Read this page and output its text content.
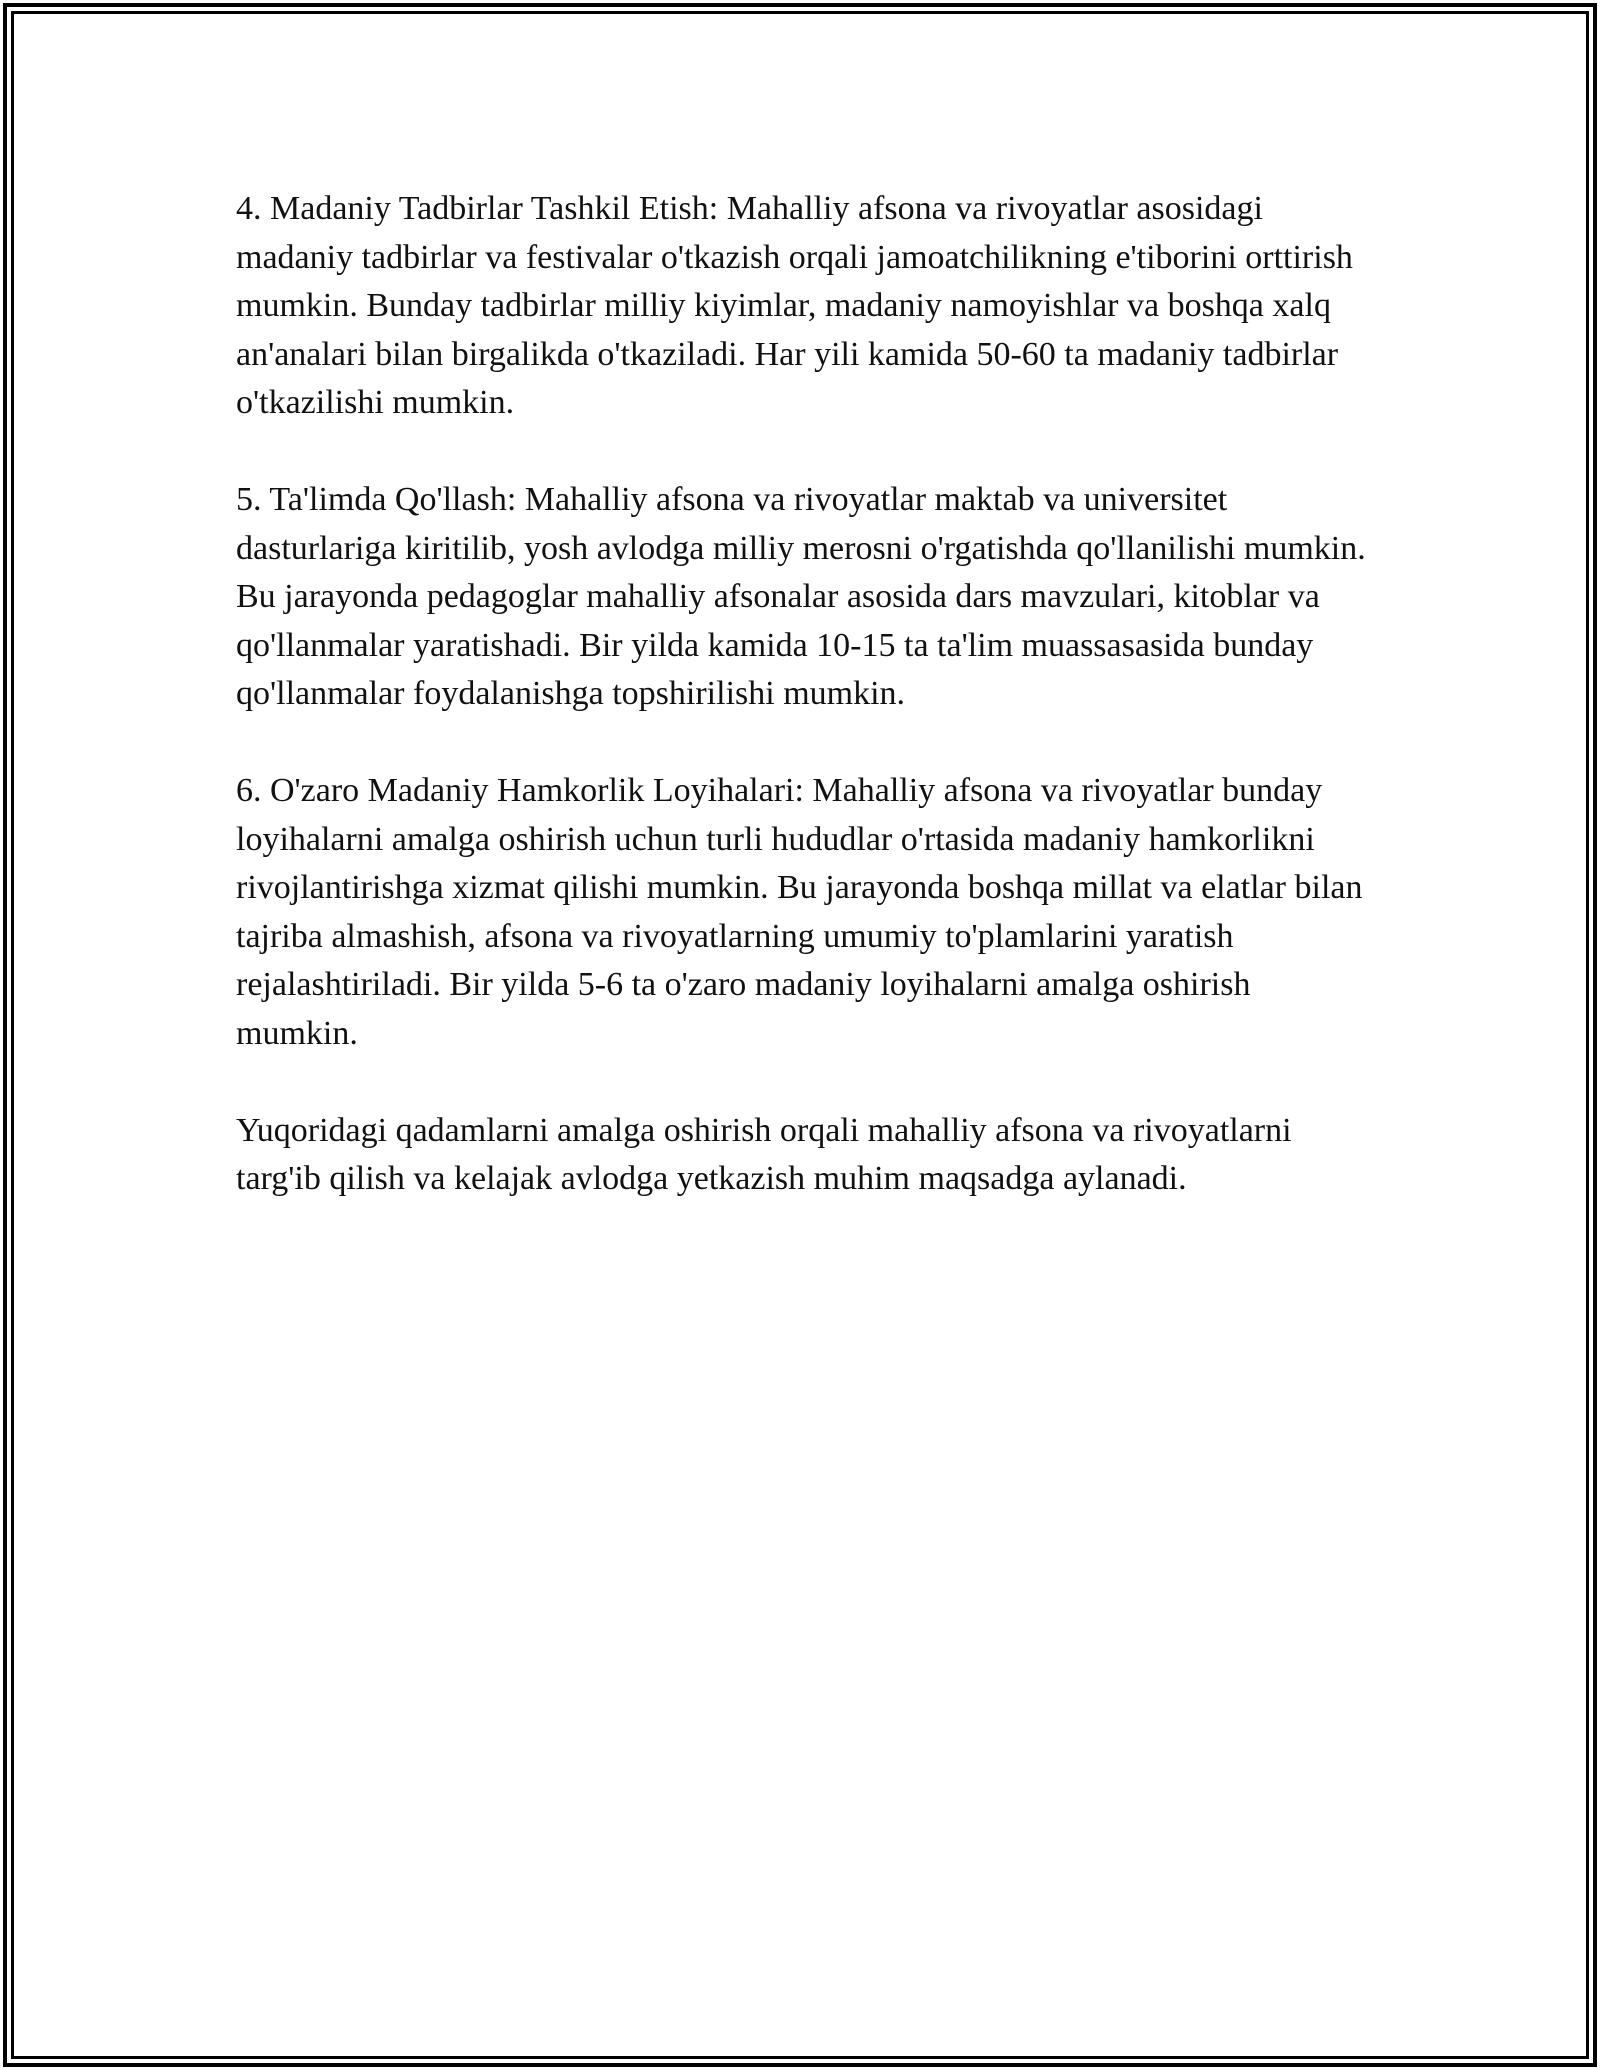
4. Madaniy Tadbirlar Tashkil Etish: Mahalliy afsona va rivoyatlar asosidagi madaniy tadbirlar va festivalar o'tkazish orqali jamoatchilikning e'tiborini orttirish mumkin. Bunday tadbirlar milliy kiyimlar, madaniy namoyishlar va boshqa xalq an'analari bilan birgalikda o'tkaziladi. Har yili kamida 50-60 ta madaniy tadbirlar o'tkazilishi mumkin.

5. Ta'limda Qo'llash: Mahalliy afsona va rivoyatlar maktab va universitet dasturlariga kiritilib, yosh avlodga milliy merosni o'rgatishda qo'llanilishi mumkin. Bu jarayonda pedagoglar mahalliy afsonalar asosida dars mavzulari, kitoblar va qo'llanmalar yaratishadi. Bir yilda kamida 10-15 ta ta'lim muassasasida bunday qo'llanmalar foydalanishga topshirilishi mumkin.

6. O'zaro Madaniy Hamkorlik Loyihalari: Mahalliy afsona va rivoyatlar bunday loyihalarni amalga oshirish uchun turli hududlar o'rtasida madaniy hamkorlikni rivojlantirishga xizmat qilishi mumkin. Bu jarayonda boshqa millat va elatlar bilan tajriba almashish, afsona va rivoyatlarning umumiy to'plamlarini yaratish rejalashtiriladi. Bir yilda 5-6 ta o'zaro madaniy loyihalarni amalga oshirish mumkin.

Yuqoridagi qadamlarni amalga oshirish orqali mahalliy afsona va rivoyatlarni targ'ib qilish va kelajak avlodga yetkazish muhim maqsadga aylanadi.
